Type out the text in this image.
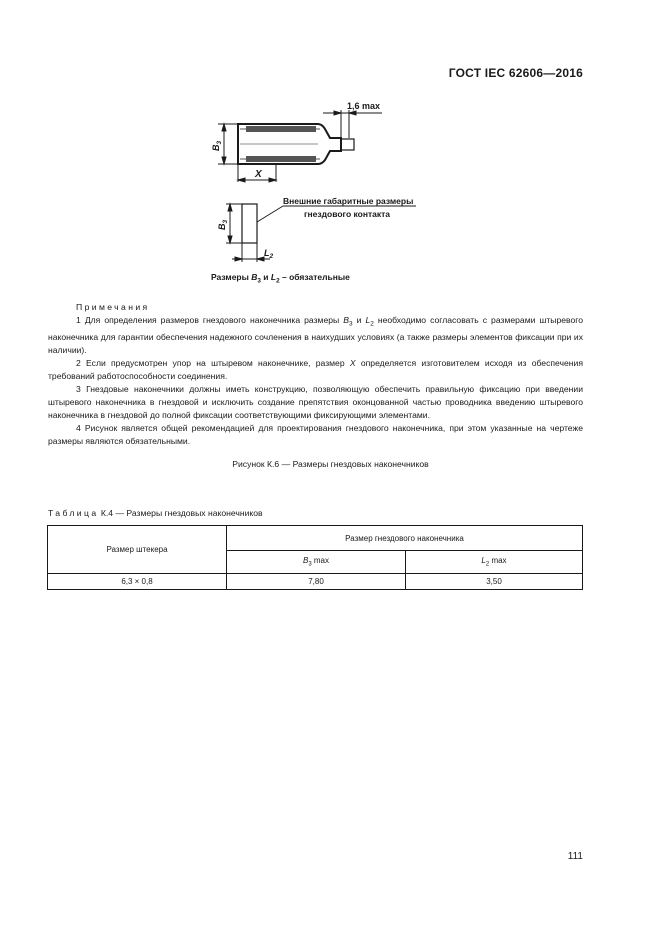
ГОСТ IEC 62606—2016
1,6 max
X
$B_3$
$B_3$
$L_2$
Внешние габаритные размеры
гнездового контакта
Размеры $B_3$ и $L_2$ – обязательные
Примечания

1 Для определения размеров гнездового наконечника размеры $B_3$ и $L_2$ необходимо согласовать с размерами штыревого наконечника для гарантии обеспечения надежного сочленения в наихудших условиях (а также размеры элементов фиксации при их наличии).

2 Если предусмотрен упор на штыревом наконечнике, размер X определяется изготовителем исходя из обеспечения требований работоспособности соединения.

3 Гнездовые наконечники должны иметь конструкцию, позволяющую обеспечить правильную фиксацию при введении штыревого наконечника в гнездовой и исключить создание препятствия оконцованной частью проводника введению штыревого наконечника в гнездовой до полной фиксации соответствующими фиксирующими элементами.

4 Рисунок является общей рекомендацией для проектирования гнездового наконечника, при этом указанные на чертеже размеры являются обязательными.

Рисунок К.6 — Размеры гнездовых наконечников
Таблица К.4 — Размеры гнездовых наконечников
Размер штекера	Размер гнездового наконечника	
	$B_3$ max	$L_2$ max
6,3 × 0,8	7,80	3,50
111
